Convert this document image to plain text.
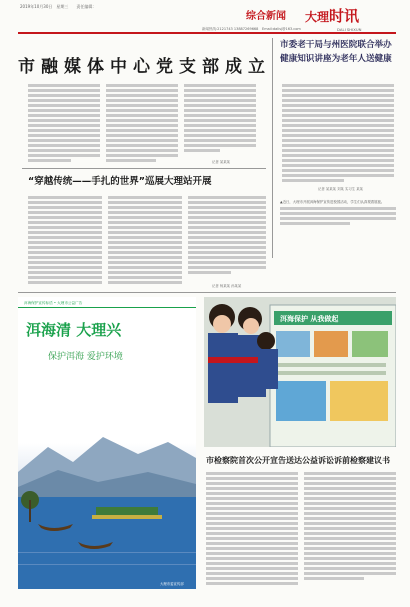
2019年10月30日　星期三　　责任编辑：
综合新闻 大理时讯
DALI SHIXUN
新闻热线:2121743 13887269668 Email:dalisj@163.com
市融媒体中心党支部成立
记者 某某某
市委老干局与州医院联合举办健康知识讲座为老年人送健康
记者 某某某 刘某 实习生 某某
▲近日，大理市开展洱海保护宣传进校园活动，学生们认真观看展板。
“穿越传统——手扎的世界”巡展大理站开展
记者 杨某某 孙某某
洱海保护宣传标语 • 大理市公益广告
洱海清 大理兴
保护洱海 爱护环境
大理市委宣传部
洱海保护 从我做起
市检察院首次公开宣告送达公益诉讼诉前检察建议书
